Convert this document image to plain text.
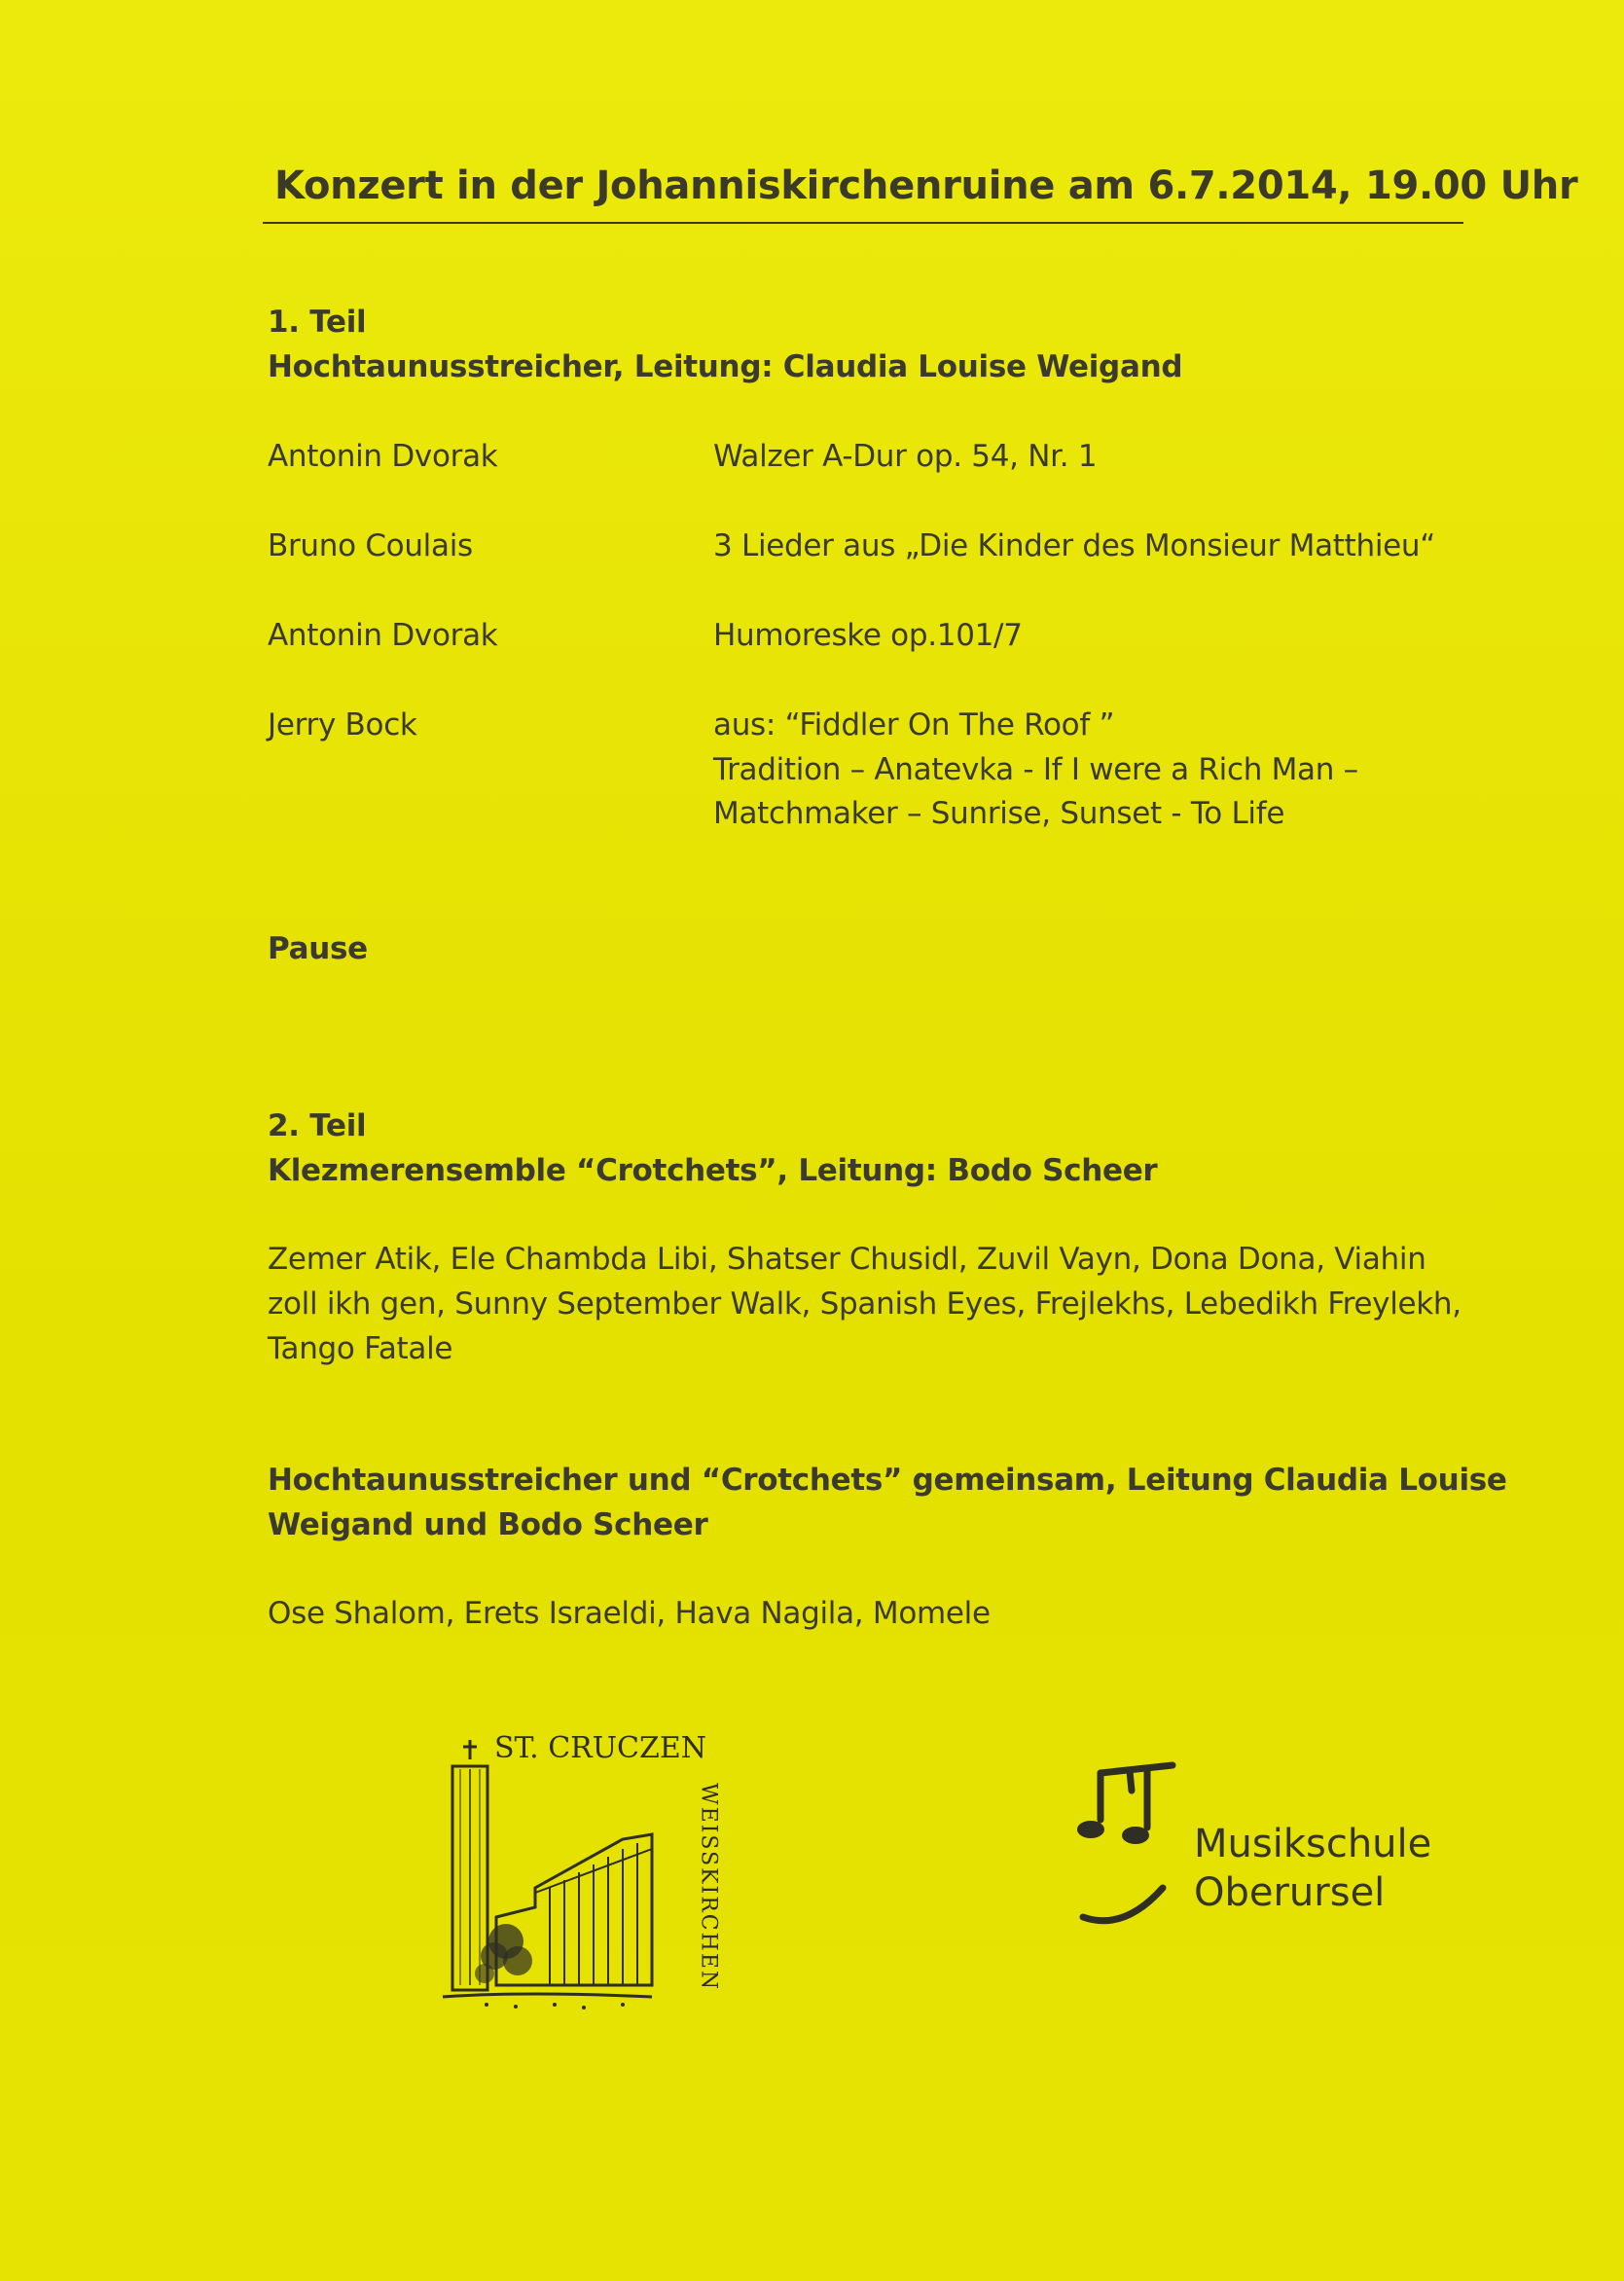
Konzert in der Johanniskirchenruine am 6.7.2014, 19.00 Uhr
1. Teil
Hochtaunusstreicher, Leitung: Claudia Louise Weigand
Antonin Dvorak	Walzer A-Dur op. 54, Nr. 1
Bruno Coulais	3 Lieder aus „Die Kinder des Monsieur Matthieu“
Antonin Dvorak	Humoreske op.101/7
Jerry Bock	aus: “Fiddler On The Roof ”
Tradition – Anatevka - If I were a Rich Man –
Matchmaker – Sunrise, Sunset - To Life
Pause
2. Teil
Klezmerensemble “Crotchets”, Leitung: Bodo Scheer
Zemer Atik, Ele Chambda Libi, Shatser Chusidl, Zuvil Vayn, Dona Dona, Viahin
zoll ikh gen, Sunny September Walk, Spanish Eyes, Frejlekhs, Lebedikh Freylekh,
Tango Fatale
Hochtaunusstreicher und “Crotchets” gemeinsam, Leitung Claudia Louise
Weigand und Bodo Scheer
Ose Shalom, Erets Israeldi, Hava Nagila, Momele
ST. CRUCZEN
WEISSKIRCHEN	Musikschule
Oberursel
